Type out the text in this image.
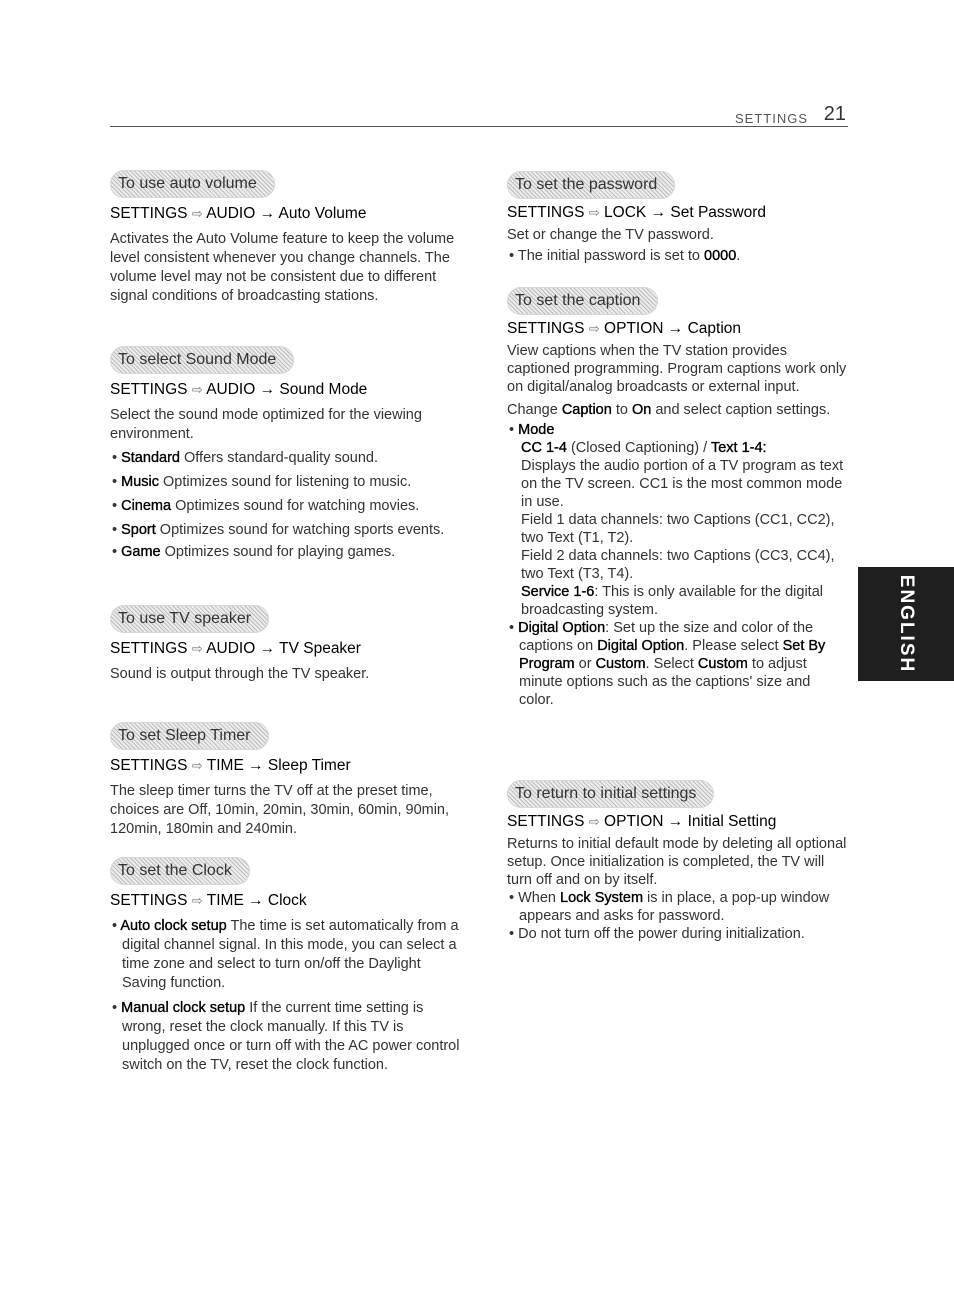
SETTINGS 21
To use auto volume
SETTINGS ⇨ AUDIO → Auto Volume
Activates the Auto Volume feature to keep the volume level consistent whenever you change channels. The volume level may not be consistent due to different signal conditions of broadcasting stations.
To select Sound Mode
SETTINGS ⇨ AUDIO → Sound Mode
Select the sound mode optimized for the viewing environment.

• Standard Offers standard-quality sound.

• Music Optimizes sound for listening to music.

• Cinema Optimizes sound for watching movies.

• Sport Optimizes sound for watching sports events.

• Game Optimizes sound for playing games.

To use TV speaker
SETTINGS ⇨ AUDIO → TV Speaker
Sound is output through the TV speaker.
To set Sleep Timer
SETTINGS ⇨ TIME → Sleep Timer
The sleep timer turns the TV off at the preset time, choices are Off, 10min, 20min, 30min, 60min, 90min, 120min, 180min and 240min.
To set the Clock
SETTINGS ⇨ TIME → Clock

• Auto clock setup The time is set automatically from a digital channel signal. In this mode, you can select a time zone and select to turn on/off the Daylight Saving function.

• Manual clock setup If the current time setting is wrong, reset the clock manually. If this TV is unplugged once or turn off with the AC power control switch on the TV, reset the clock function.

To set the password
SETTINGS ⇨ LOCK → Set Password
Set or change the TV password.

• The initial password is set to 0000.

To set the caption
SETTINGS ⇨ OPTION → Caption
View captions when the TV station provides captioned programming. Program captions work only on digital/analog broadcasts or external input.
Change Caption to On and select caption settings.

• Mode

CC 1-4 (Closed Captioning) / Text 1-4:
Displays the audio portion of a TV program as text on the TV screen. CC1 is the most common mode in use.
Field 1 data channels: two Captions (CC1, CC2), two Text (T1, T2).
Field 2 data channels: two Captions (CC3, CC4), two Text (T3, T4).
Service 1-6: This is only available for the digital broadcasting system.

• Digital Option: Set up the size and color of the captions on Digital Option. Please select Set By Program or Custom. Select Custom to adjust minute options such as the captions' size and color.

To return to initial settings
SETTINGS ⇨ OPTION → Initial Setting
Returns to initial default mode by deleting all optional setup. Once initialization is completed, the TV will turn off and on by itself.

• When Lock System is in place, a pop-up window appears and asks for password.

• Do not turn off the power during initialization.

ENGLISH
